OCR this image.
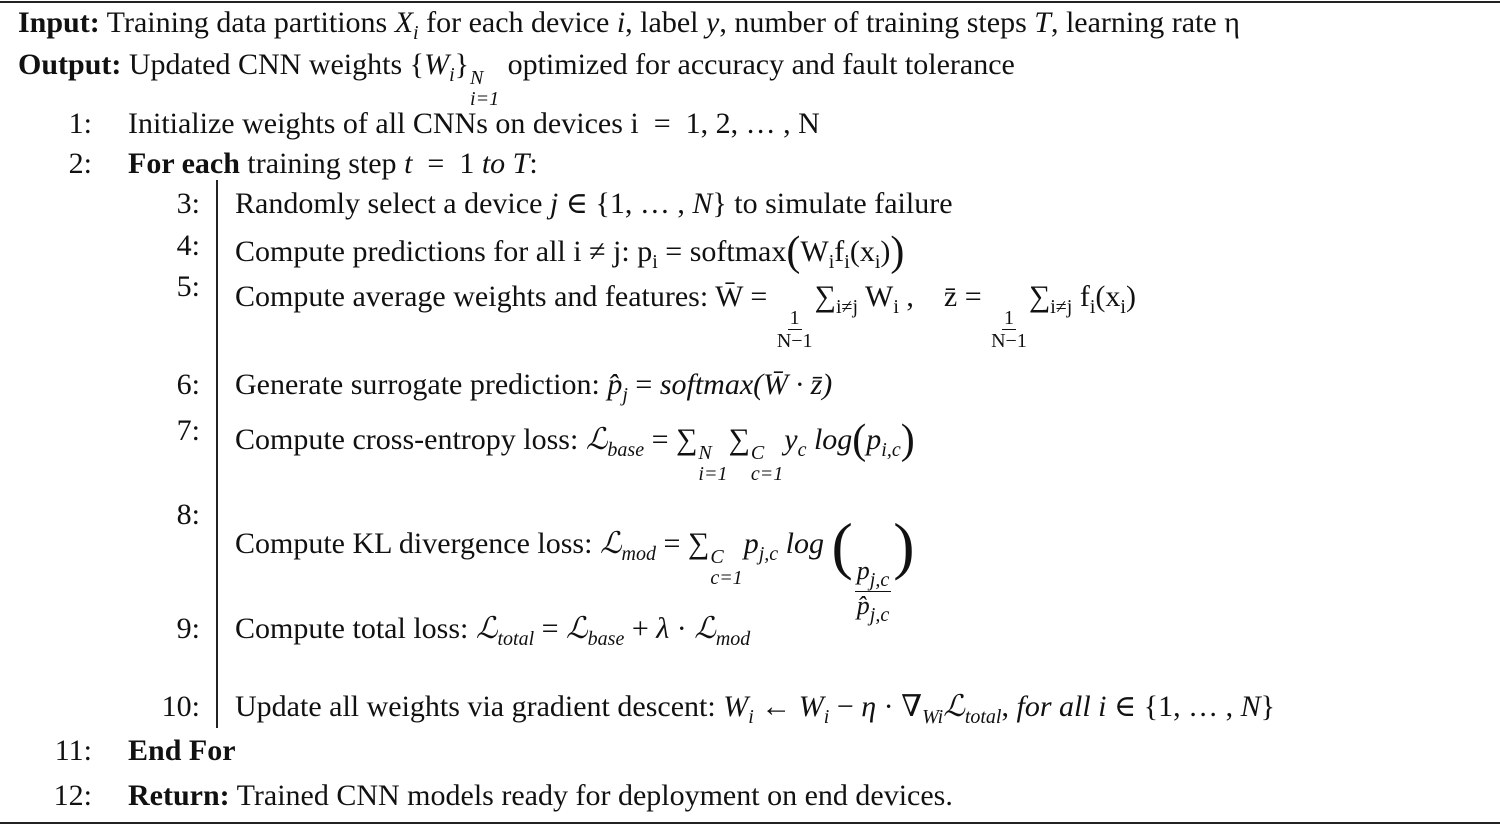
Input: Training data partitions $X_i$ for each device i, label y, number of training steps T, learning rate η
Output: Updated CNN weights $\{W_i\}$ N
i=1
optimized for accuracy and fault tolerance
1: Initialize weights of all CNNs on devices i  =  1, 2, … , N
2: For each training step t  =  1 to T:
3: Randomly select a device j ∈ {1, … , N} to simulate failure
4: Compute predictions for all i ≠ j: $p_i$ = $softmax(W_if_i(x_i))$
5: Compute average weights and features: W̄ =
$\frac{1}{N-1}$
$\sum_{i\ne j}$ $W_i$ ,    z̄ =
$\frac{1}{N-1}$
$\sum_{i\ne j}$ $f_i(x_i)$
6: Generate surrogate prediction: $p̂_j$ = softmax(W̄ · z̄)
7: Compute cross-entropy loss: ℒ$_{base}$ = ∑ N
i=1
∑ C
c=1
$y_c$ $\log(p_{i,c})$
8:
Compute KL divergence loss: ℒ$_{mod}$ = ∑ C
c=1
$p_{j,c}$ log (
$\frac{p_{j,c}}{p̂_{j,c}}$
)
9: Compute total loss: ℒ$_{total}$ = ℒ$_{base}$ + λ · ℒ$_{mod}$
10: Update all weights via gradient descent: $W_i$ ← $W_i - \eta$ · $\nabla_{Wi}ℒ_{total}$, for all i ∈ {1, … , N}
11: End For
12: Return: Trained CNN models ready for deployment on end devices.
